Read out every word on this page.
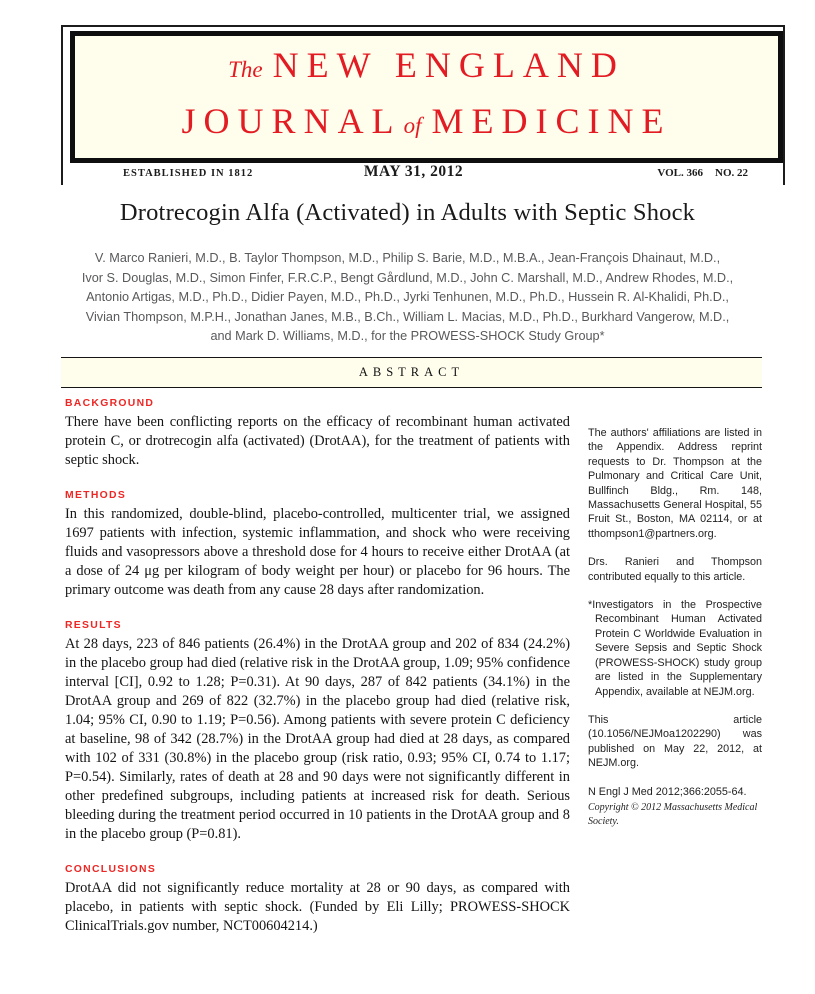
The NEW ENGLAND
JOURNALof MEDICINE
ESTABLISHED IN 1812	MAY 31, 2012	VOL. 366 NO. 22
Drotrecogin Alfa (Activated) in Adults with Septic Shock
V. Marco Ranieri, M.D., B. Taylor Thompson, M.D., Philip S. Barie, M.D., M.B.A., Jean-François Dhainaut, M.D.,
Ivor S. Douglas, M.D., Simon Finfer, F.R.C.P., Bengt Gårdlund, M.D., John C. Marshall, M.D., Andrew Rhodes, M.D.,
Antonio Artigas, M.D., Ph.D., Didier Payen, M.D., Ph.D., Jyrki Tenhunen, M.D., Ph.D., Hussein R. Al-Khalidi, Ph.D.,
Vivian Thompson, M.P.H., Jonathan Janes, M.B., B.Ch., William L. Macias, M.D., Ph.D., Burkhard Vangerow, M.D.,
and Mark D. Williams, M.D., for the PROWESS-SHOCK Study Group*
ABSTRACT
BACKGROUND

There have been conflicting reports on the efficacy of recombinant human activated protein C, or drotrecogin alfa (activated) (DrotAA), for the treatment of patients with septic shock.

METHODS

In this randomized, double-blind, placebo-controlled, multicenter trial, we assigned 1697 patients with infection, systemic inflammation, and shock who were receiving fluids and vasopressors above a threshold dose for 4 hours to receive either DrotAA (at a dose of 24 μg per kilogram of body weight per hour) or placebo for 96 hours. The primary outcome was death from any cause 28 days after randomization.

RESULTS

At 28 days, 223 of 846 patients (26.4%) in the DrotAA group and 202 of 834 (24.2%) in the placebo group had died (relative risk in the DrotAA group, 1.09; 95% confidence interval [CI], 0.92 to 1.28; P=0.31). At 90 days, 287 of 842 patients (34.1%) in the DrotAA group and 269 of 822 (32.7%) in the placebo group had died (relative risk, 1.04; 95% CI, 0.90 to 1.19; P=0.56). Among patients with severe protein C deficiency at baseline, 98 of 342 (28.7%) in the DrotAA group had died at 28 days, as compared with 102 of 331 (30.8%) in the placebo group (risk ratio, 0.93; 95% CI, 0.74 to 1.17; P=0.54). Similarly, rates of death at 28 and 90 days were not significantly different in other predefined subgroups, including patients at increased risk for death. Serious bleeding during the treatment period occurred in 10 patients in the DrotAA group and 8 in the placebo group (P=0.81).

CONCLUSIONS

DrotAA did not significantly reduce mortality at 28 or 90 days, as compared with placebo, in patients with septic shock. (Funded by Eli Lilly; PROWESS-SHOCK ClinicalTrials.gov number, NCT00604214.)

The authors' affiliations are listed in the Appendix. Address reprint requests to Dr. Thompson at the Pulmonary and Critical Care Unit, Bullfinch Bldg., Rm. 148, Massachusetts General Hospital, 55 Fruit St., Boston, MA 02114, or at tthompson1@partners.org.

Drs. Ranieri and Thompson contributed equally to this article.

*Investigators in the Prospective Recombinant Human Activated Protein C Worldwide Evaluation in Severe Sepsis and Septic Shock (PROWESS-SHOCK) study group are listed in the Supplementary Appendix, available at NEJM.org.

This article (10.1056/NEJMoa1202290) was published on May 22, 2012, at NEJM.org.

N Engl J Med 2012;366:2055-64.

Copyright © 2012 Massachusetts Medical Society.
